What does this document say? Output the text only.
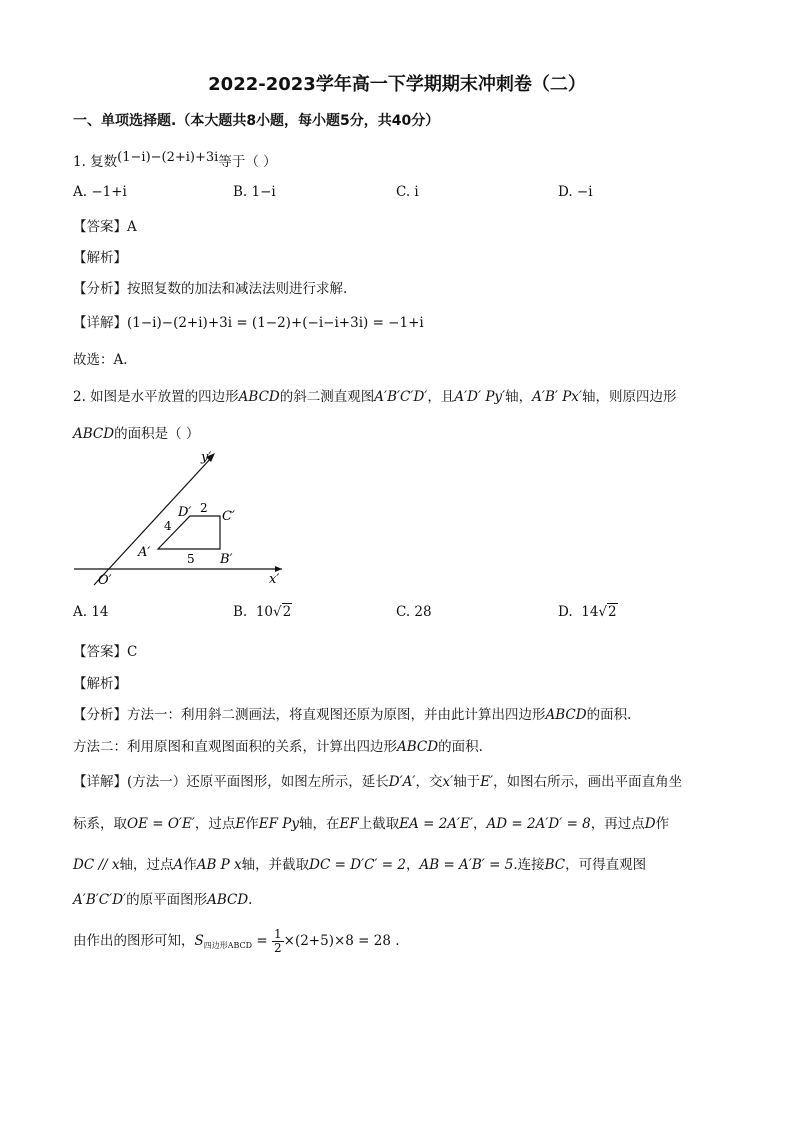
2022-2023学年高一下学期期末冲刺卷（二）
一、单项选择题.（本大题共8小题，每小题5分，共40分）
1. 复数(1−i)−(2+i)+3i等于（ ）
A. −1+i	B. 1−i	C. i	D. −i
【答案】A
【解析】
【分析】按照复数的加法和减法法则进行求解.
【详解】(1−i)−(2+i)+3i = (1−2)+(−i−i+3i) = −1+i
故选：A.
2. 如图是水平放置的四边形ABCD的斜二测直观图A′B′C′D′，且A′D′ Py′轴，A′B′ Px′轴，则原四边形
ABCD的面积是（ ）
y′
x′
O′
A′	B′
C′
D′ 2
4
5
A. 14	B. 10√2	C. 28	D. 14√2
【答案】C
【解析】
【分析】方法一：利用斜二测画法，将直观图还原为原图，并由此计算出四边形ABCD的面积.
方法二：利用原图和直观图面积的关系，计算出四边形ABCD的面积.
【详解】(方法一）还原平面图形，如图左所示，延长D′A′，交x′轴于E′，如图右所示，画出平面直角坐
标系，取OE = O′E′，过点E作EF Py轴，在EF上截取EA = 2A′E′，AD = 2A′D′ = 8，再过点D作
DC // x轴，过点A作AB P x轴，并截取DC = D′C′ = 2，AB = A′B′ = 5.连接BC，可得直观图
A′B′C′D′的原平面图形ABCD.
由作出的图形可知，$S_{四边形ABCD} = \frac{1}{2} \times(2+5)\times 8 = 28$ .
